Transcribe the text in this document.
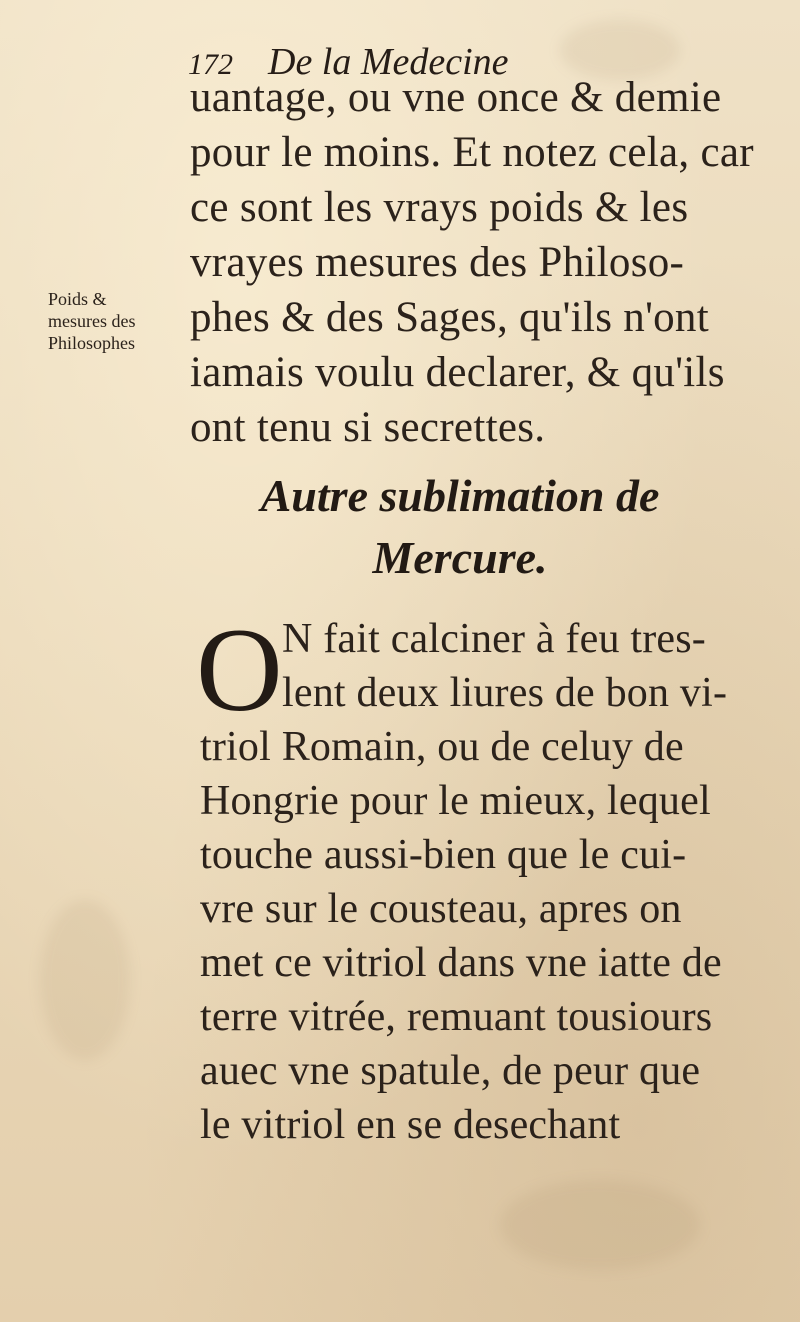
172 De la Medecine
Poids &
mesures des
Philosophes
uantage, ou vne once & demie
pour le moins. Et notez cela, car
ce sont les vrays poids & les
vrayes mesures des Philoso-
phes & des Sages, qu'ils n'ont
iamais voulu declarer, & qu'ils
ont tenu si secrettes.
Autre sublimation de
Mercure.
O N fait calciner à feu tres-
lent deux liures de bon vi-
triol Romain, ou de celuy de
Hongrie pour le mieux, lequel
touche aussi-bien que le cui-
vre sur le cousteau, apres on
met ce vitriol dans vne iatte de
terre vitrée, remuant tousiours
auec vne spatule, de peur que
le vitriol en se desechant
